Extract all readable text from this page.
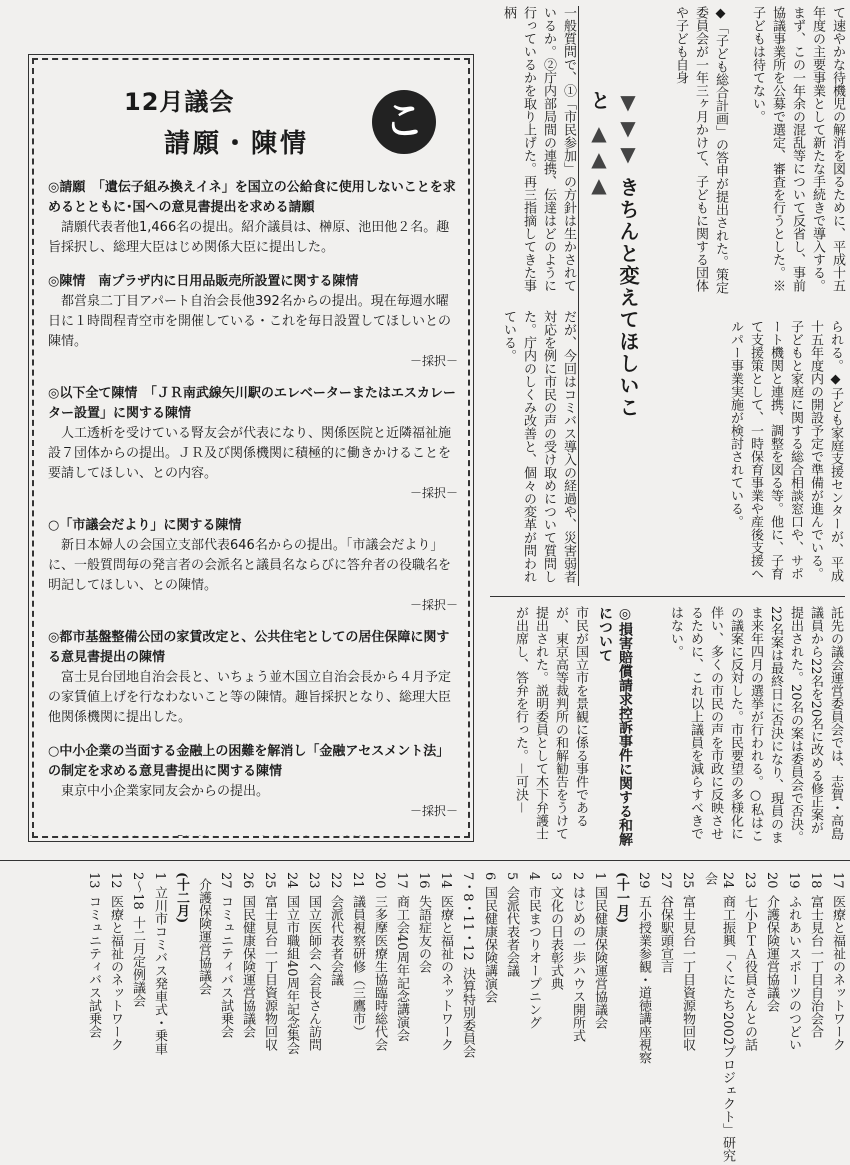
12月議会
請願・陳情	こ
◎請願　「遺伝子組み換えイネ」を国立の公給食に使用しないことを求めるとともに･国への意見書提出を求める請願
請願代表者他1,466名の提出。紹介議員は、榊原、池田他２名。趣旨採択し、総理大臣はじめ関係大臣に提出した。
◎陳情　南プラザ内に日用品販売所設置に関する陳情
都営泉二丁目アパート自治会長他392名からの提出。現在毎週水曜日に１時間程青空市を開催している・これを毎日設置してほしいとの陳情。
－採択－
◎以下全て陳情　「ＪＲ南武線矢川駅のエレベーターまたはエスカレーター設置」に関する陳情
人工透析を受けている腎友会が代表になり、関係医院と近隣福祉施設７団体からの提出。ＪＲ及び関係機関に積極的に働きかけることを要請してほしい、との内容。
－採択－
○「市議会だより」に関する陳情
新日本婦人の会国立支部代表646名からの提出。「市議会だより」に、一般質問毎の発言者の会派名と議員名ならびに答弁者の役職名を明記してほしい、との陳情。
－採択－
◎都市基盤整備公団の家賃改定と、公共住宅としての居住保障に関する意見書提出の陳情
富士見台団地自治会長と、いちょう並木国立自治会長から４月予定の家賃値上げを行なわないこと等の陳情。趣旨採択となり、総理大臣他関係機関に提出した。
○中小企業の当面する金融上の困難を解消し「金融アセスメント法」の制定を求める意見書提出に関する陳情
東京中小企業家同友会からの提出。
－採択－
て速やかな待機児の解消を図るために、平成十五年度の主要事業として新たな手続きで導入する。まず、この一年余の混乱等について反省し、事前協議事業所を公募で選定、審査を行うとした。※子どもは待てない。
◆「子ども総合計画」の答申が提出された。策定委員会が一年三ヶ月かけて、子どもに関する団体や子ども自身
▼▼▼ きちんと変えてほしいこと ▲▲▲
一般質問で、①「市民参加」の方針は生かされているか。②庁内部局間の連携、伝達はどのように行っているかを取り上げた。再三指摘してきた事柄
だが、今回はコミバス導入の経過や、災害弱者対応を例に市民の声の受け取めについて質問した。庁内のしくみ改善と、個々の変革が問われている。	られる。◆子ども家庭支援センターが、平成十五年度内の開設予定で準備が進んでいる。子どもと家庭に関する総合相談窓口や、サポート機関と連携、調整を図る等。他に、子育て支援策として、一時保育事業や産後支援ヘルパー事業実施が検討されている。
託先の議会運営委員会では、志賀・高島議員から22名を20名に改める修正案が提出された。20名の案は委員会で否決。22名案は最終日に否決になり、現員のまま来年四月の選挙が行われる。○私はこの議案に反対した。市民要望の多様化に伴い、多くの市民の声を市政に反映させるために、これ以上議員を減らすべきではない。
◎損害賠償請求控訴事件に関する和解について
市民が国立市を景観に係る事件であるが、東京高等裁判所の和解勧告をうけて提出された。説明委員として木下弁護士が出席し、答弁を行った。－可決－
17医療と福祉のネットワーク
18富士見台一丁目自治会合
19ふれあいスポーツのつどい
20介護保険運営協議会
23七小ＰＴＡ役員さんとの話
24商工振興「くにたち2002プロジェクト」研究会
25富士見台一丁目資源物回収
27谷保駅頭宣言
29五小授業参観・道徳講座視察
(十一月)
1国民健康保険運営協議会
2はじめの一歩ハウス開所式
3文化の日表彰式典
4市民まつりオープニング
5会派代表者会議
6国民健康保険講演会
7・8・11・12決算特別委員会
14医療と福祉のネットワーク
16失語症友の会
17商工会40周年記念講演会
20三多摩医療生協臨時総代会
21議員視察研修（三鷹市）
22会派代表者会議
23国立医師会へ会長さん訪問
24国立市職組40周年記念集会
25富士見台一丁目資源物回収
26国民健康保険運営協議会
27コミュニティバス試乗会
介護保険運営協議会
(十二月)
1立川市コミバス発車式・乗車
2～18十二月定例議会
12医療と福祉のネットワーク
13コミュニティバス試乗会
